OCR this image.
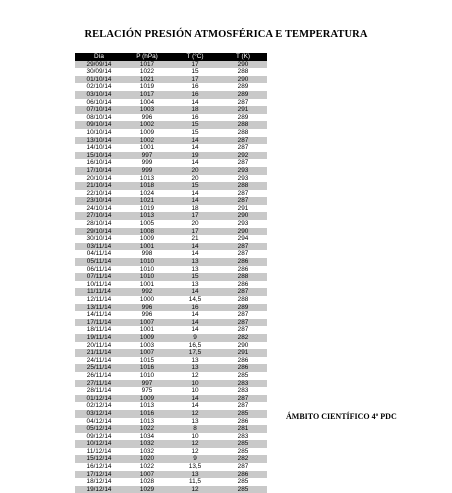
RELACIÓN PRESIÓN ATMOSFÉRICA E TEMPERATURA
Día	P (hPa)	T (°C)	T (K)
29/09/14	1017	17	290
30/09/14	1022	15	288
01/10/14	1021	17	290
02/10/14	1019	16	289
03/10/14	1017	16	289
06/10/14	1004	14	287
07/10/14	1003	18	291
08/10/14	996	16	289
09/10/14	1002	15	288
10/10/14	1009	15	288
13/10/14	1002	14	287
14/10/14	1001	14	287
15/10/14	997	19	292
16/10/14	999	14	287
17/10/14	999	20	293
20/10/14	1013	20	293
21/10/14	1018	15	288
22/10/14	1024	14	287
23/10/14	1021	14	287
24/10/14	1019	18	291
27/10/14	1013	17	290
28/10/14	1005	20	293
29/10/14	1008	17	290
30/10/14	1009	21	294
03/11/14	1001	14	287
04/11/14	998	14	287
05/11/14	1010	13	286
06/11/14	1010	13	286
07/11/14	1010	15	288
10/11/14	1001	13	286
11/11/14	992	14	287
12/11/14	1000	14,5	288
13/11/14	996	16	289
14/11/14	996	14	287
17/11/14	1007	14	287
18/11/14	1001	14	287
19/11/14	1009	9	282
20/11/14	1003	16,5	290
21/11/14	1007	17,5	291
24/11/14	1015	13	286
25/11/14	1016	13	286
26/11/14	1010	12	285
27/11/14	997	10	283
28/11/14	975	10	283
01/12/14	1009	14	287
02/12/14	1013	14	287
03/12/14	1016	12	285
04/12/14	1013	13	286
05/12/14	1022	8	281
09/12/14	1034	10	283
10/12/14	1032	12	285
11/12/14	1032	12	285
15/12/14	1020	9	282
16/12/14	1022	13,5	287
17/12/14	1007	13	286
18/12/14	1028	11,5	285
19/12/14	1029	12	285
ÁMBITO CIENTÍFICO 4º PDC
